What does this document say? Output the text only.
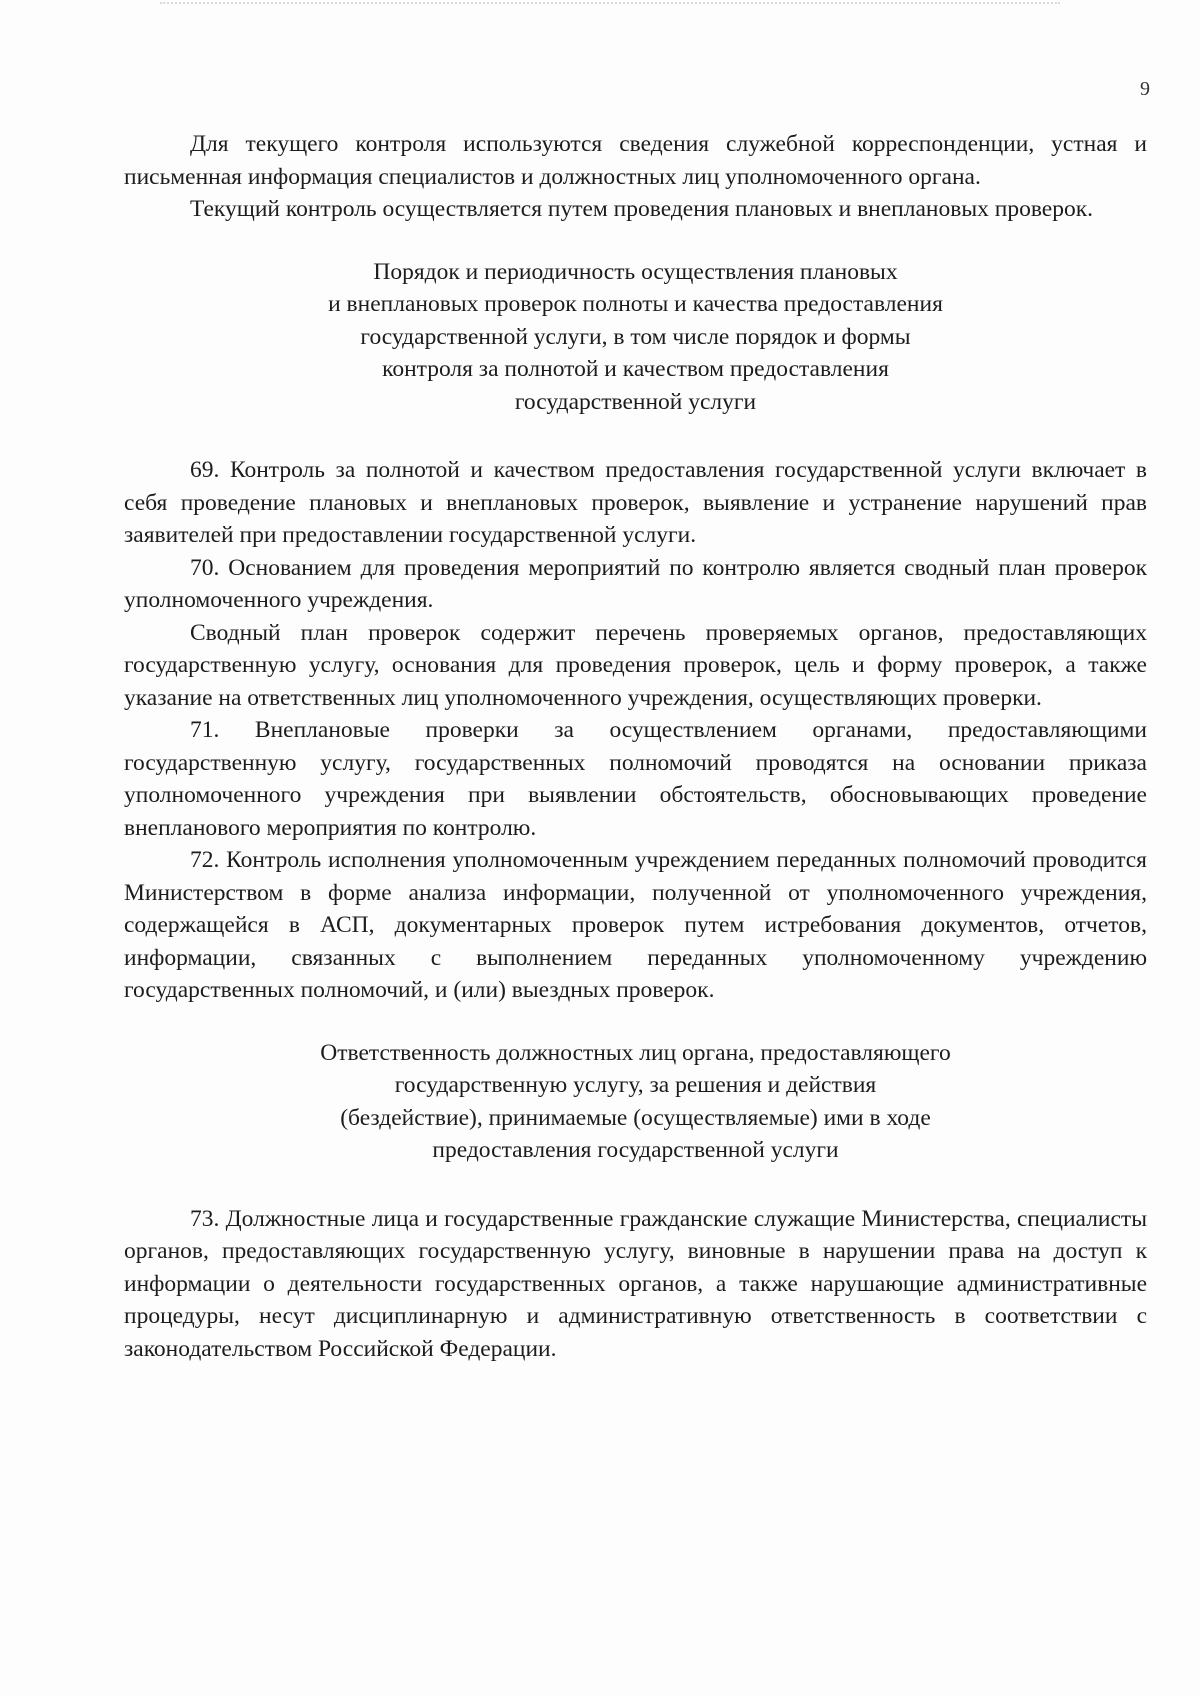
9

Для текущего контроля используются сведения служебной корреспонденции, устная и письменная информация специалистов и должностных лиц уполномоченного органа.

Текущий контроль осуществляется путем проведения плановых и внеплановых проверок.

Порядок и периодичность осуществления плановых
и внеплановых проверок полноты и качества предоставления
государственной услуги, в том числе порядок и формы
контроля за полнотой и качеством предоставления
государственной услуги

69. Контроль за полнотой и качеством предоставления государственной услуги включает в себя проведение плановых и внеплановых проверок, выявление и устранение нарушений прав заявителей при предоставлении государственной услуги.

70. Основанием для проведения мероприятий по контролю является сводный план проверок уполномоченного учреждения.

Сводный план проверок содержит перечень проверяемых органов, предоставляющих государственную услугу, основания для проведения проверок, цель и форму проверок, а также указание на ответственных лиц уполномоченного учреждения, осуществляющих проверки.

71. Внеплановые проверки за осуществлением органами, предоставляющими государственную услугу, государственных полномочий проводятся на основании приказа уполномоченного учреждения при выявлении обстоятельств, обосновывающих проведение внепланового мероприятия по контролю.

72. Контроль исполнения уполномоченным учреждением переданных полномочий проводится Министерством в форме анализа информации, полученной от уполномоченного учреждения, содержащейся в АСП, документарных проверок путем истребования документов, отчетов, информации, связанных с выполнением переданных уполномоченному учреждению государственных полномочий, и (или) выездных проверок.

Ответственность должностных лиц органа, предоставляющего
государственную услугу, за решения и действия
(бездействие), принимаемые (осуществляемые) ими в ходе
предоставления государственной услуги

73. Должностные лица и государственные гражданские служащие Министерства, специалисты органов, предоставляющих государственную услугу, виновные в нарушении права на доступ к информации о деятельности государственных органов, а также нарушающие административные процедуры, несут дисциплинарную и административную ответственность в соответствии с законодательством Российской Федерации.
